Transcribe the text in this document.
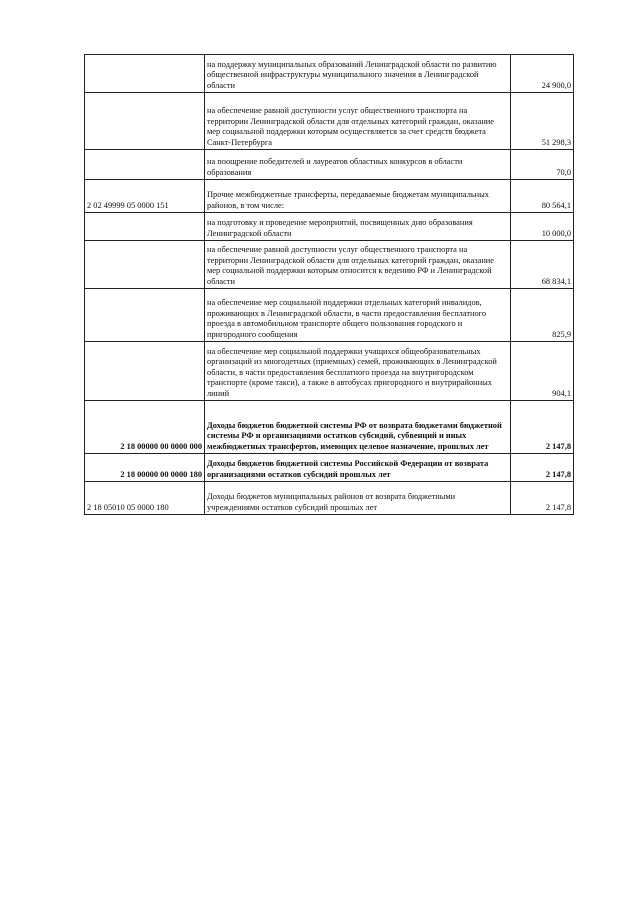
	на поддержку муниципальных образований Ленинградской области по развитию общественной инфраструктуры муниципального значения в Ленинградской области	24 900,0
	на обеспечение равной доступности услуг общественного транспорта на территории Ленинградской области для отдельных категорий граждан, оказание мер социальной поддержки которым осуществляется за счет средств бюджета Санкт-Петербурга	51 298,3
	на поощрение победителей и лауреатов областных конкурсов в области образования	70,0
2 02 49999 05 0000 151	Прочие межбюджетные трансферты, передаваемые бюджетам муниципальных районов, в том числе:	80 564,1
	на подготовку и проведение мероприятий, посвященных дню образования Ленинградской области	10 000,0
	на обеспечение равной доступности услуг общественного транспорта на территории Ленинградской области для отдельных категорий граждан, оказание мер социальной поддержки которым относится к ведению РФ и Ленинградской области	68 834,1
	на обеспечение мер социальной поддержки отдельных категорий инвалидов, проживающих в Ленинградской области, в части предоставления бесплатного проезда в автомобильном транспорте общего пользования городского и пригородного сообщения	825,9
	на обеспечение мер социальной поддержки учащихся общеобразовательных организаций из многодетных (приемных) семей, проживающих в Ленинградской области, в части предоставления бесплатного проезда на внутригородском транспорте (кроме такси), а также в автобусах пригородного и внутрирайонных линий	904,1
2 18 00000 00 0000 000	Доходы бюджетов бюджетной системы РФ от возврата бюджетами бюджетной системы РФ и организациями остатков субсидий, субвенций и иных межбюджетных трансфертов, имеющих целевое назначение, прошлых лет	2 147,8
2 18 00000 00 0000 180	Доходы бюджетов бюджетной системы Российской Федерации от возврата организациями остатков субсидий прошлых лет	2 147,8
2 18 05010 05 0000 180	Доходы бюджетов муниципальных районов от возврата бюджетными учреждениями остатков субсидий прошлых лет	2 147,8
